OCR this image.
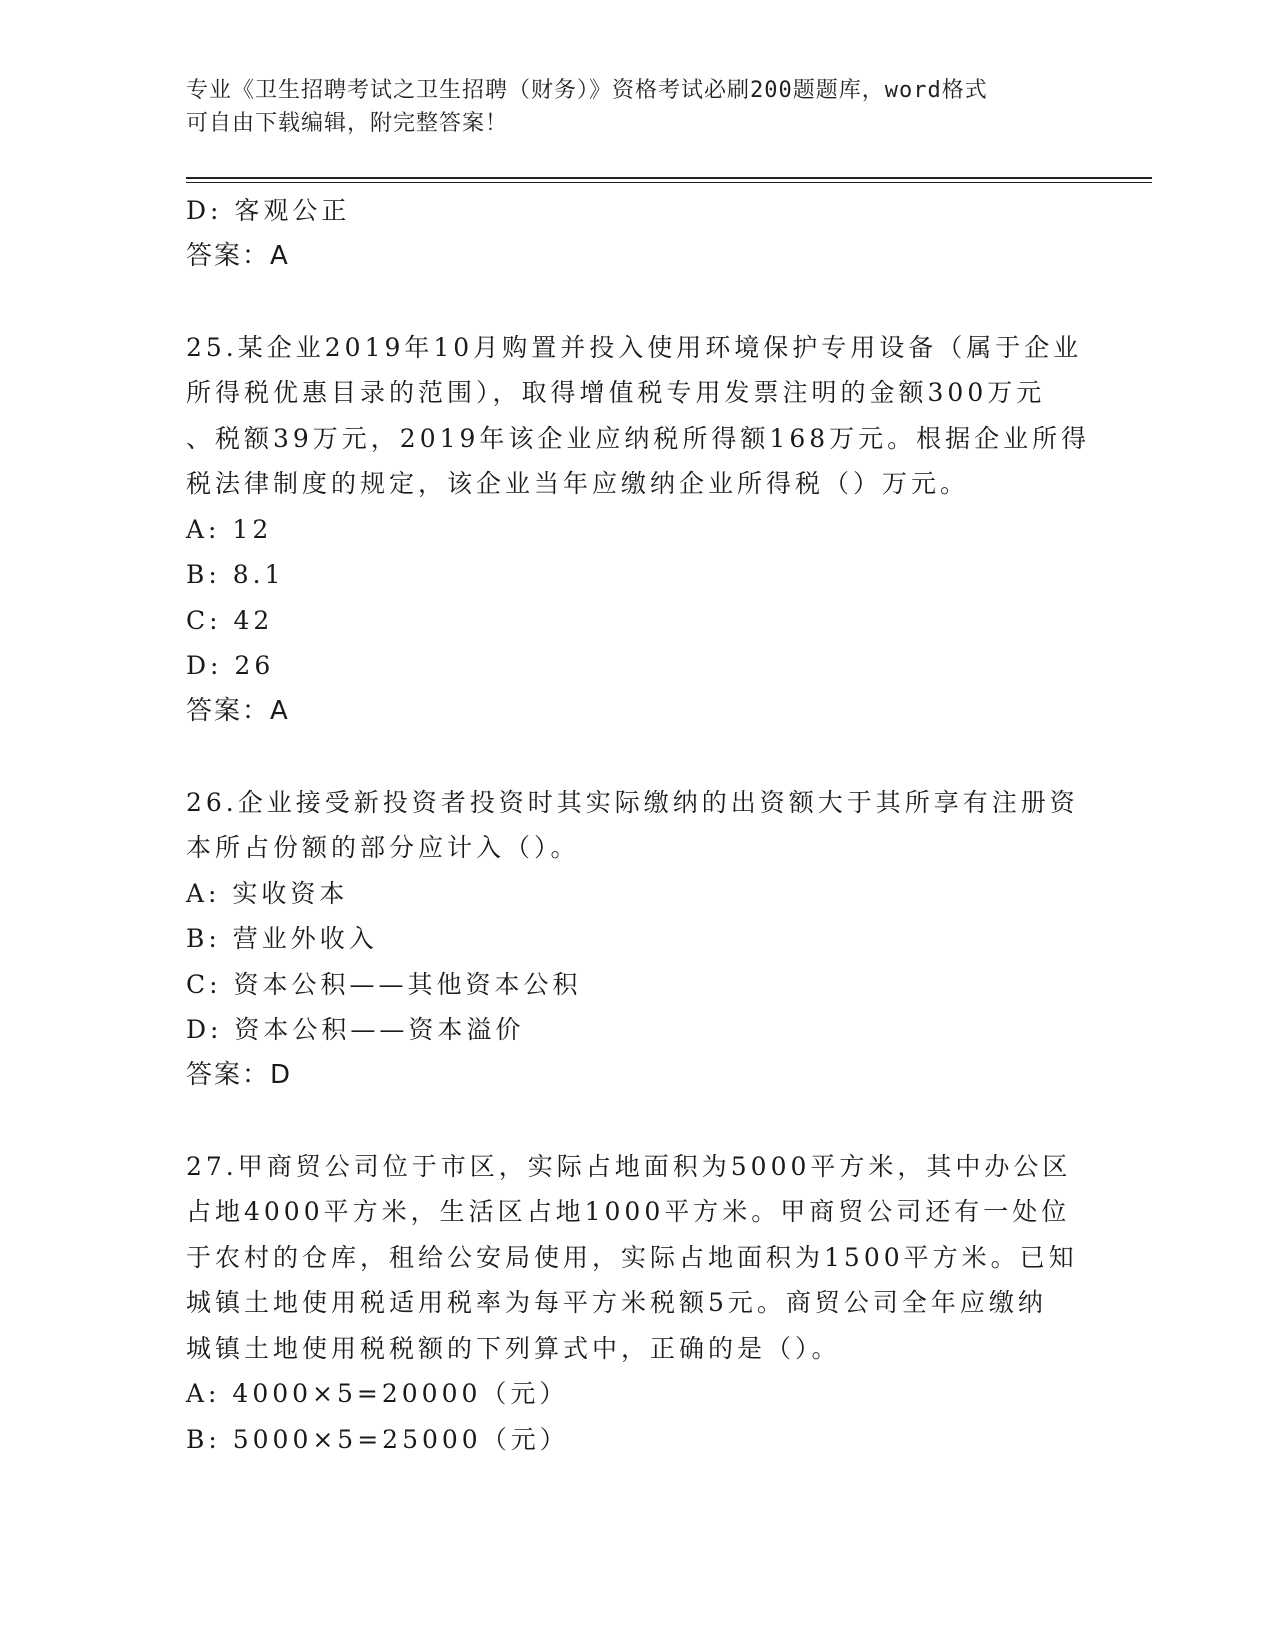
专业《卫生招聘考试之卫生招聘（财务）》资格考试必刷200题题库，word格式
可自由下载编辑，附完整答案！
D: 客观公正
答案：A
25.某企业2019年10月购置并投入使用环境保护专用设备（属于企业
所得税优惠目录的范围），取得增值税专用发票注明的金额300万元
、税额39万元，2019年该企业应纳税所得额168万元。根据企业所得
税法律制度的规定，该企业当年应缴纳企业所得税（）万元。
A: 12
B: 8.1
C: 42
D: 26
答案：A
26.企业接受新投资者投资时其实际缴纳的出资额大于其所享有注册资
本所占份额的部分应计入（）。
A: 实收资本
B: 营业外收入
C: 资本公积——其他资本公积
D: 资本公积——资本溢价
答案：D
27.甲商贸公司位于市区，实际占地面积为5000平方米，其中办公区
占地4000平方米，生活区占地1000平方米。甲商贸公司还有一处位
于农村的仓库，租给公安局使用，实际占地面积为1500平方米。已知
城镇土地使用税适用税率为每平方米税额5元。商贸公司全年应缴纳
城镇土地使用税税额的下列算式中，正确的是（）。
A: 4000×5=20000（元）
B: 5000×5=25000（元）
